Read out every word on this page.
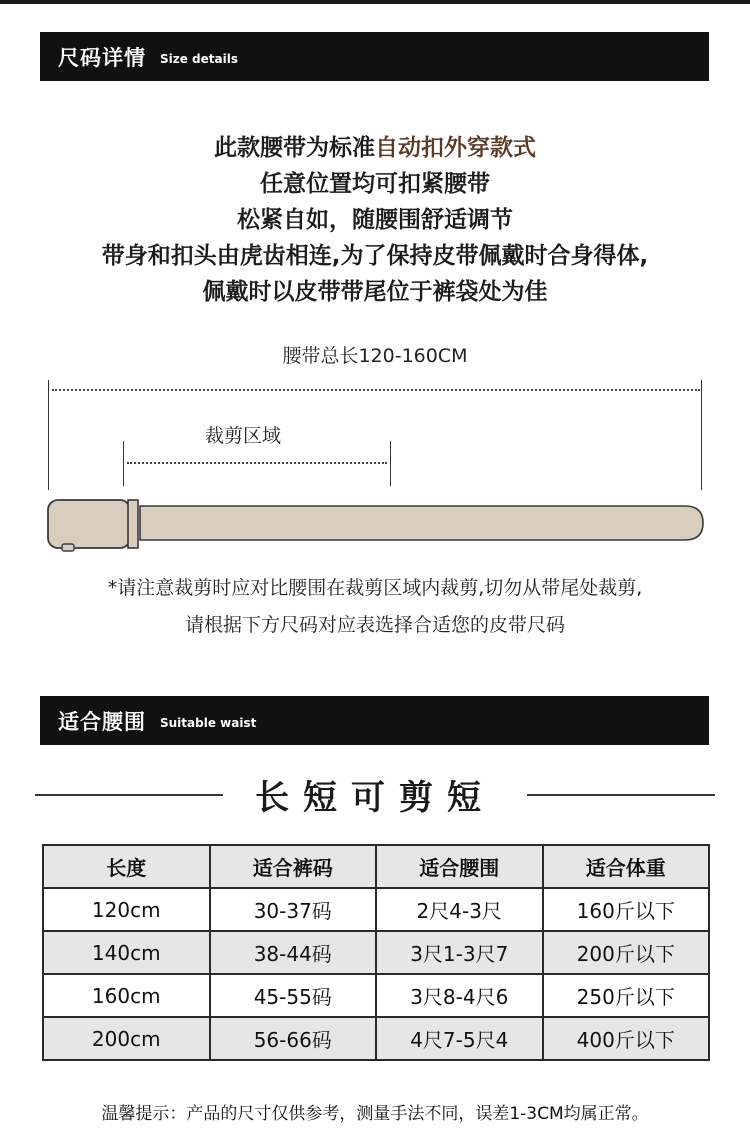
尺码详情 Size details
此款腰带为标准自动扣外穿款式
任意位置均可扣紧腰带
松紧自如，随腰围舒适调节
带身和扣头由虎齿相连,为了保持皮带佩戴时合身得体,
佩戴时以皮带带尾位于裤袋处为佳
腰带总长120-160CM
裁剪区域
*请注意裁剪时应对比腰围在裁剪区域内裁剪,切勿从带尾处裁剪,
请根据下方尺码对应表选择合适您的皮带尺码
适合腰围 Suitable waist
长短可剪短
长度	适合裤码	适合腰围	适合体重
120cm	30-37码	2尺4-3尺	160斤以下
140cm	38-44码	3尺1-3尺7	200斤以下
160cm	45-55码	3尺8-4尺6	250斤以下
200cm	56-66码	4尺7-5尺4	400斤以下
温馨提示：产品的尺寸仅供参考，测量手法不同，误差1-3CM均属正常。
